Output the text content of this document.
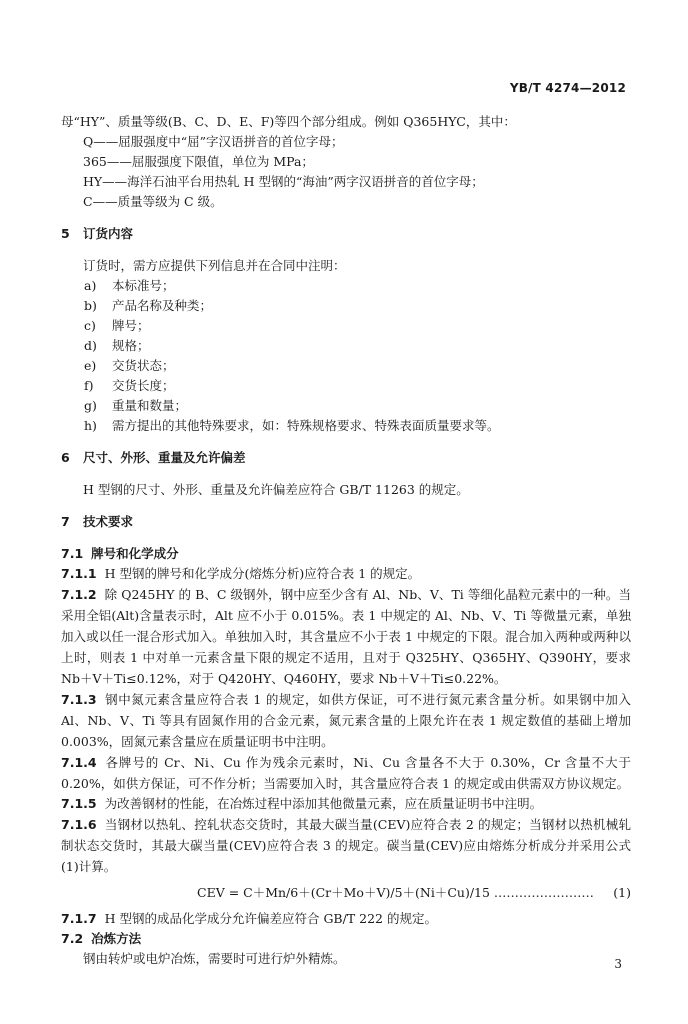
YB/T 4274—2012

母“HY”、质量等级(B、C、D、E、F)等四个部分组成。例如 Q365HYC，其中：

Q——屈服强度中“屈”字汉语拼音的首位字母；

365——屈服强度下限值，单位为 MPa；

HY——海洋石油平台用热轧 H 型钢的“海油”两字汉语拼音的首位字母；

C——质量等级为 C 级。

5 订货内容

订货时，需方应提供下列信息并在合同中注明：

a)	本标准号；
b)	产品名称及种类；
c)	牌号；
d)	规格；
e)	交货状态；
f)	交货长度；
g)	重量和数量；
h)	需方提出的其他特殊要求，如：特殊规格要求、特殊表面质量要求等。

6 尺寸、外形、重量及允许偏差

H 型钢的尺寸、外形、重量及允许偏差应符合 GB/T 11263 的规定。

7 技术要求

7.1 牌号和化学成分

7.1.1 H 型钢的牌号和化学成分(熔炼分析)应符合表 1 的规定。

7.1.2 除 Q245HY 的 B、C 级钢外，钢中应至少含有 Al、Nb、V、Ti 等细化晶粒元素中的一种。当采用全铝(Alt)含量表示时，Alt 应不小于 0.015%。表 1 中规定的 Al、Nb、V、Ti 等微量元素，单独加入或以任一混合形式加入。单独加入时，其含量应不小于表 1 中规定的下限。混合加入两种或两种以上时，则表 1 中对单一元素含量下限的规定不适用，且对于 Q325HY、Q365HY、Q390HY，要求 Nb＋V＋Ti≤0.12%，对于 Q420HY、Q460HY，要求 Nb＋V＋Ti≤0.22%。

7.1.3 钢中氮元素含量应符合表 1 的规定，如供方保证，可不进行氮元素含量分析。如果钢中加入 Al、Nb、V、Ti 等具有固氮作用的合金元素，氮元素含量的上限允许在表 1 规定数值的基础上增加 0.003%，固氮元素含量应在质量证明书中注明。

7.1.4 各牌号的 Cr、Ni、Cu 作为残余元素时，Ni、Cu 含量各不大于 0.30%，Cr 含量不大于 0.20%，如供方保证，可不作分析；当需要加入时，其含量应符合表 1 的规定或由供需双方协议规定。

7.1.5 为改善钢材的性能，在冶炼过程中添加其他微量元素，应在质量证明书中注明。

7.1.6 当钢材以热轧、控轧状态交货时，其最大碳当量(CEV)应符合表 2 的规定；当钢材以热机械轧制状态交货时，其最大碳当量(CEV)应符合表 3 的规定。碳当量(CEV)应由熔炼分析成分并采用公式(1)计算。

CEV = C＋Mn/6＋(Cr＋Mo＋V)/5＋(Ni＋Cu)/15 …………………… (1)

7.1.7 H 型钢的成品化学成分允许偏差应符合 GB/T 222 的规定。

7.2 冶炼方法

钢由转炉或电炉冶炼，需要时可进行炉外精炼。	3
